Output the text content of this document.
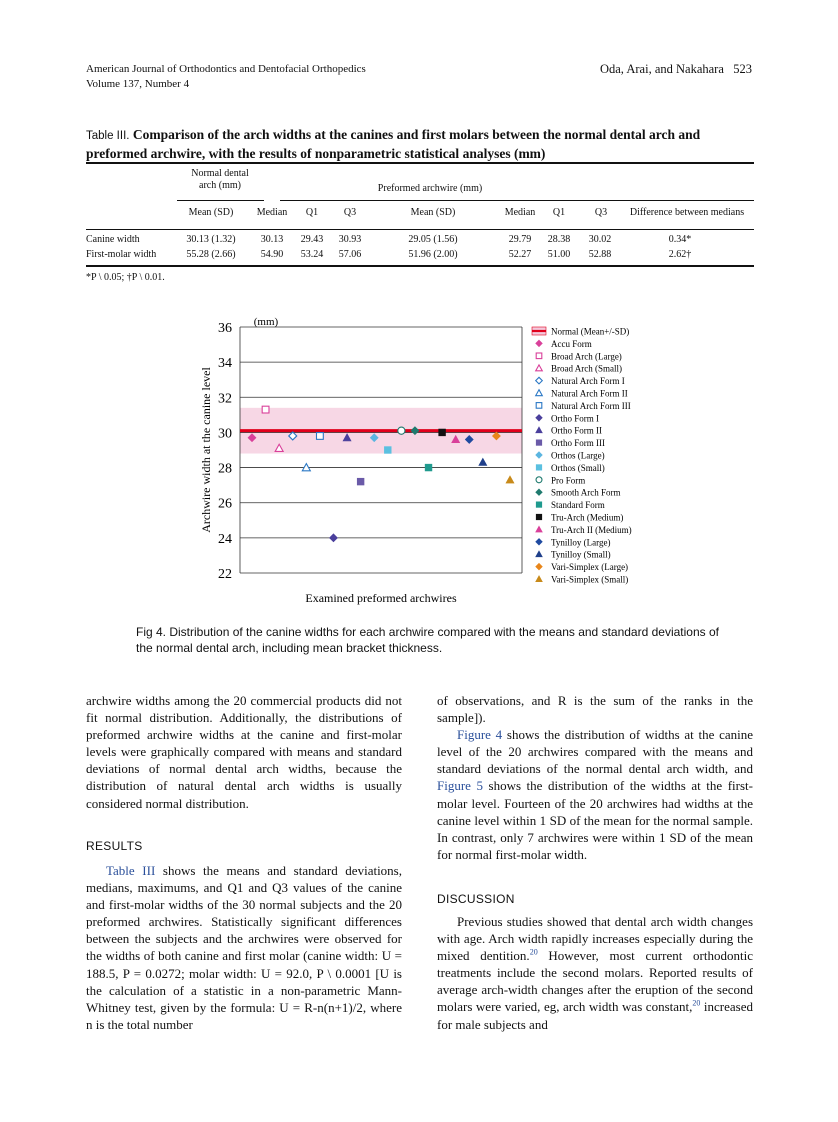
American Journal of Orthodontics and Dentofacial Orthopedics
Volume 137, Number 4
Oda, Arai, and Nakahara 523
Table III. Comparison of the arch widths at the canines and first molars between the normal dental arch and preformed archwire, with the results of nonparametric statistical analyses (mm)
Normal dental
arch (mm)	Preformed archwire (mm)
Mean (SD)	Median	Q1	Q3	Mean (SD)	Median	Q1	Q3	Difference between medians
Canine width	30.13 (1.32)	30.13	29.43 30.93	29.05 (1.56)	29.79	28.38 30.02	0.34*
First-molar width	55.28 (2.66)	54.90	53.24 57.06	51.96 (2.00)	52.27	51.00 52.88	2.62†
*P \ 0.05; †P \ 0.01.
22
24
26
28
30
32
34
36 (mm)
Archwire width at the canine level
Examined preformed archwires
Normal (Mean+/-SD)
Accu Form
Broad Arch (Large)
Broad Arch (Small)
Natural Arch Form I
Natural Arch Form II
Natural Arch Form III
Ortho Form I
Ortho Form II
Ortho Form III
Orthos (Large)
Orthos (Small)
Pro Form
Smooth Arch Form
Standard Form
Tru-Arch (Medium)
Tru-Arch II (Medium)
Tynilloy (Large)
Tynilloy (Small)
Vari-Simplex (Large)
Vari-Simplex (Small)
Fig 4. Distribution of the canine widths for each archwire compared with the means and standard deviations of the normal dental arch, including mean bracket thickness.

archwire widths among the 20 commercial products did not fit normal distribution. Additionally, the distributions of preformed archwire widths at the canine and first-molar levels were graphically compared with means and standard deviations of normal dental arch widths, because the distribution of natural dental arch widths is usually considered normal distribution.

RESULTS

Table III shows the means and standard deviations, medians, maximums, and Q1 and Q3 values of the canine and first-molar widths of the 30 normal subjects and the 20 preformed archwires. Statistically significant differences between the subjects and the archwires were observed for the widths of both canine and first molar (canine width: U = 188.5, P = 0.0272; molar width: U = 92.0, P \ 0.0001 [U is the calculation of a statistic in a non-parametric Mann-Whitney test, given by the formula: U = R-n(n+1)/2, where n is the total number

of observations, and R is the sum of the ranks in the sample]).

Figure 4 shows the distribution of widths at the canine level of the 20 archwires compared with the means and standard deviations of the normal dental arch width, and Figure 5 shows the distribution of the widths at the first-molar level. Fourteen of the 20 archwires had widths at the canine level within 1 SD of the mean for the normal sample. In contrast, only 7 archwires were within 1 SD of the mean for normal first-molar width.

DISCUSSION

Previous studies showed that dental arch width changes with age. Arch width rapidly increases especially during the mixed dentition.$^{20}$ However, most current orthodontic treatments include the second molars. Reported results of average arch-width changes after the eruption of the second molars were varied, eg, arch width was constant,$^{20}$ increased for male subjects and
